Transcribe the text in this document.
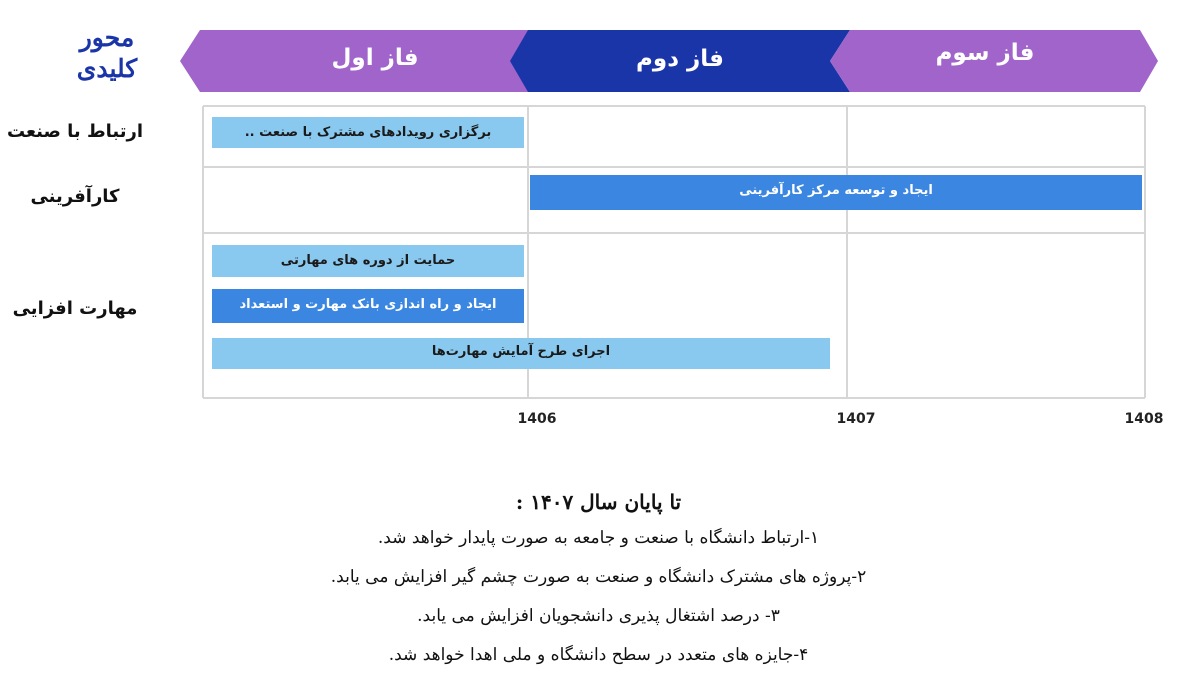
محور
کلیدی	فاز اول	فاز دوم	فاز سوم
ارتباط با صنعت
کارآفرینی
مهارت افزایی
برگزاری رویدادهای مشترک با صنعت ..
ایجاد و توسعه مرکز کارآفرینی
حمایت از دوره های مهارتی
ایجاد و راه اندازی بانک مهارت و استعداد
اجرای طرح آمایش مهارت‌ها
1406	1407	1408
تا پایان سال ۱۴۰۷ :
۱-ارتباط دانشگاه با صنعت و جامعه به صورت پایدار خواهد شد.
۲-پروژه های مشترک دانشگاه و صنعت به صورت چشم گیر افزایش می یابد.
۳- درصد اشتغال پذیری دانشجویان افزایش می یابد.
۴-جایزه های متعدد در سطح دانشگاه و ملی اهدا خواهد شد.
